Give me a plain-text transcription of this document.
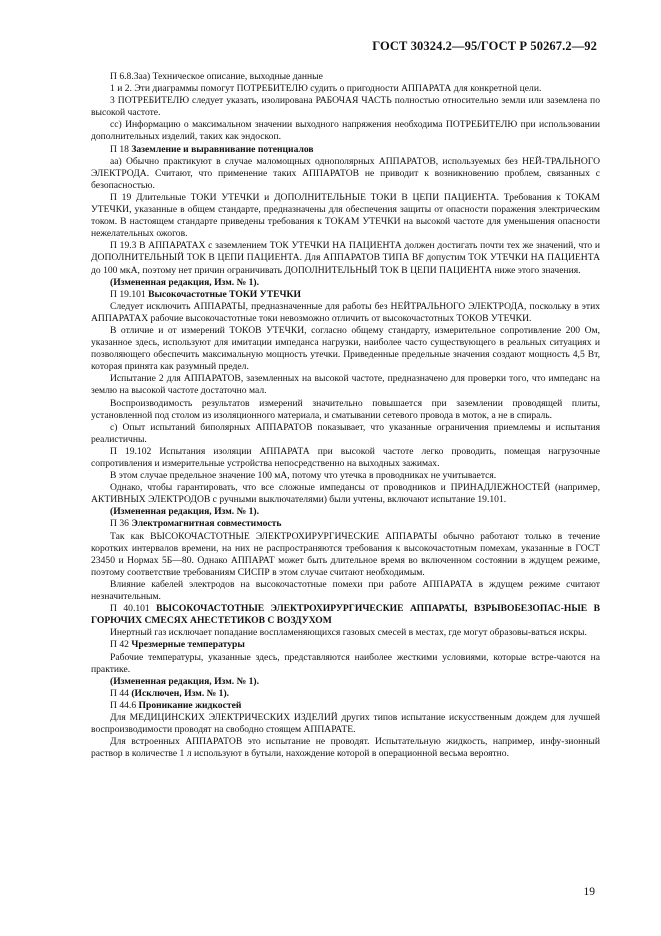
ГОСТ 30324.2—95/ГОСТ Р 50267.2—92

П 6.8.3аа) Техническое описание, выходные данные

1 и 2. Эти диаграммы помогут ПОТРЕБИТЕЛЮ судить о пригодности АППАРАТА для конкретной цели.

3 ПОТРЕБИТЕЛЮ следует указать, изолирована РАБОЧАЯ ЧАСТЬ полностью относительно земли или заземлена по высокой частоте.

сс) Информацию о максимальном значении выходного напряжения необходима ПОТРЕБИТЕЛЮ при использовании дополнительных изделий, таких как эндоскоп.

П 18 Заземление и выравнивание потенциалов

аа) Обычно практикуют в случае маломощных однополярных АППАРАТОВ, используемых без НЕЙ-ТРАЛЬНОГО ЭЛЕКТРОДА. Считают, что применение таких АППАРАТОВ не приводит к возникновению проблем, связанных с безопасностью.

П 19 Длительные ТОКИ УТЕЧКИ и ДОПОЛНИТЕЛЬНЫЕ ТОКИ В ЦЕПИ ПАЦИЕНТА. Требования к ТОКАМ УТЕЧКИ, указанные в общем стандарте, предназначены для обеспечения защиты от опасности поражения электрическим током. В настоящем стандарте приведены требования к ТОКАМ УТЕЧКИ на высокой частоте для уменьшения опасности нежелательных ожогов.

П 19.3 В АППАРАТАХ с заземлением ТОК УТЕЧКИ НА ПАЦИЕНТА должен достигать почти тех же значений, что и ДОПОЛНИТЕЛЬНЫЙ ТОК В ЦЕПИ ПАЦИЕНТА. Для АППАРАТОВ ТИПА BF допустим ТОК УТЕЧКИ НА ПАЦИЕНТА до 100 мкА, поэтому нет причин ограничивать ДОПОЛНИТЕЛЬНЫЙ ТОК В ЦЕПИ ПАЦИЕНТА ниже этого значения.

(Измененная редакция, Изм. № 1).

П 19.101 Высокочастотные ТОКИ УТЕЧКИ

Следует исключить АППАРАТЫ, предназначенные для работы без НЕЙТРАЛЬНОГО ЭЛЕКТРОДА, поскольку в этих АППАРАТАХ рабочие высокочастотные токи невозможно отличить от высокочастотных ТОКОВ УТЕЧКИ.

В отличие и от измерений ТОКОВ УТЕЧКИ, согласно общему стандарту, измерительное сопротивление 200 Ом, указанное здесь, используют для имитации импеданса нагрузки, наиболее часто существующего в реальных ситуациях и позволяющего обеспечить максимальную мощность утечки. Приведенные предельные значения создают мощность 4,5 Вт, которая принята как разумный предел.

Испытание 2 для АППАРАТОВ, заземленных на высокой частоте, предназначено для проверки того, что импеданс на землю на высокой частоте достаточно мал.

Воспроизводимость результатов измерений значительно повышается при заземлении проводящей плиты, установленной под столом из изоляционного материала, и сматывании сетевого провода в моток, а не в спираль.

с) Опыт испытаний биполярных АППАРАТОВ показывает, что указанные ограничения приемлемы и испытания реалистичны.

П 19.102 Испытания изоляции АППАРАТА при высокой частоте легко проводить, помещая нагрузочные сопротивления и измерительные устройства непосредственно на выходных зажимах.

В этом случае предельное значение 100 мА, потому что утечка в проводниках не учитывается.

Однако, чтобы гарантировать, что все сложные импедансы от проводников и ПРИНАДЛЕЖНОСТЕЙ (например, АКТИВНЫХ ЭЛЕКТРОДОВ с ручными выключателями) были учтены, включают испытание 19.101.

(Измененная редакция, Изм. № 1).

П 36 Электромагнитная совместимость

Так как ВЫСОКОЧАСТОТНЫЕ ЭЛЕКТРОХИРУРГИЧЕСКИЕ АППАРАТЫ обычно работают только в течение коротких интервалов времени, на них не распространяются требования к высокочастотным помехам, указанные в ГОСТ 23450 и Нормах 5Б—80. Однако АППАРАТ может быть длительное время во включенном состоянии в ждущем режиме, поэтому соответствие требованиям СИСПР в этом случае считают необходимым.

Влияние кабелей электродов на высокочастотные помехи при работе АППАРАТА в ждущем режиме считают незначительным.

П 40.101 ВЫСОКОЧАСТОТНЫЕ ЭЛЕКТРОХИРУРГИЧЕСКИЕ АППАРАТЫ, ВЗРЫВОБЕЗОПАС-НЫЕ В ГОРЮЧИХ СМЕСЯХ АНЕСТЕТИКОВ С ВОЗДУХОМ

Инертный газ исключает попадание воспламеняющихся газовых смесей в местах, где могут образовы-ваться искры.

П 42 Чрезмерные температуры

Рабочие температуры, указанные здесь, представляются наиболее жесткими условиями, которые встре-чаются на практике.

(Измененная редакция, Изм. № 1).

П 44 (Исключен, Изм. № 1).

П 44.6 Проникание жидкостей

Для МЕДИЦИНСКИХ ЭЛЕКТРИЧЕСКИХ ИЗДЕЛИЙ других типов испытание искусственным дождем для лучшей воспроизводимости проводят на свободно стоящем АППАРАТЕ.

Для встроенных АППАРАТОВ это испытание не проводят. Испытательную жидкость, например, инфу-зионный раствор в количестве 1 л используют в бутыли, нахождение которой в операционной весьма вероятно.

19
